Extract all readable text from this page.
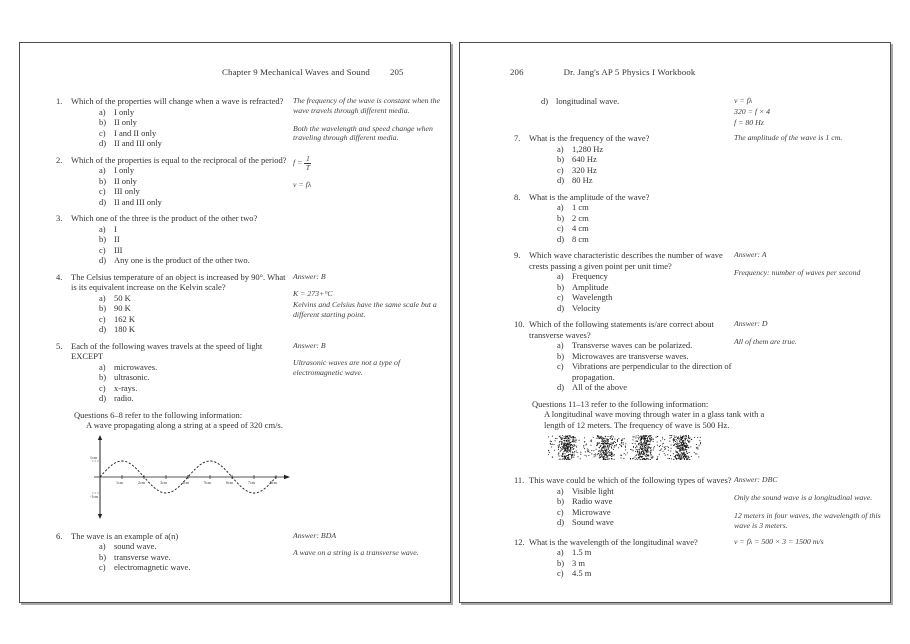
Chapter 9 Mechanical Waves and Sound 205
1.	Which of the properties will change when a wave is refracted?
a) I only
b) II only
c) I and II only
d) II and III only
The frequency of the wave is constant when the wave travels through different media.
Both the wavelength and speed change when traveling through different media.
2.	Which of the properties is equal to the reciprocal of the period?
a) I only
b) II only
c) III only
d) II and III only
$f = \frac{1}{T}$
v = fλ
3.	Which one of the three is the product of the other two?
a) I
b) II
c) III
d) Any one is the product of the other two.
4.	The Celsius temperature of an object is increased by 90°. What is its equivalent increase on the Kelvin scale?
a) 50 K
b) 90 K
c) 162 K
d) 180 K
Answer: B
K = 273+°C
Kelvins and Celsius have the same scale but a different starting point.
5.	Each of the following waves travels at the speed of light EXCEPT
a) microwaves.
b) ultrasonic.
c) x-rays.
d) radio.
Answer: B
Ultrasonic waves are not a type of electromagnetic wave.
Questions 6–8 refer to the following information:
A wave propagating along a string at a speed of 320 cm/s.
1cm	2cm	3cm	4cm	5cm	6cm	7cm	8cm
1cm
-1cm
6.	The wave is an example of a(n)
a) sound wave.
b) transverse wave.
c) electromagnetic wave.
Answer: BDA
A wave on a string is a transverse wave.
206	Dr. Jang's AP 5 Physics I Workbook
d) longitudinal wave.	v = fλ
320 = f × 4
f = 80 Hz
7.	What is the frequency of the wave?
a) 1,280 Hz
b) 640 Hz
c) 320 Hz
d) 80 Hz
The amplitude of the wave is 1 cm.
8.	What is the amplitude of the wave?
a) 1 cm
b) 2 cm
c) 4 cm
d) 8 cm
9.	Which wave characteristic describes the number of wave crests passing a given point per unit time?
a) Frequency
b) Amplitude
c) Wavelength
d) Velocity
Answer: A
Frequency: number of waves per second
10. Which of the following statements is/are correct about transverse waves?
a) Transverse waves can be polarized.
b) Microwaves are transverse waves.
c) Vibrations are perpendicular to the direction of propagation.
d) All of the above
Answer: D
All of them are true.
Questions 11–13 refer to the following information:
A longitudinal wave moving through water in a glass tank with a length of 12 meters. The frequency of wave is 500 Hz.
11. This wave could be which of the following types of waves?
a) Visible light
b) Radio wave
c) Microwave
d) Sound wave
Answer: DBC
Only the sound wave is a longitudinal wave.
12 meters in four waves, the wavelength of this wave is 3 meters.
12. What is the wavelength of the longitudinal wave?
a) 1.5 m
b) 3 m
c) 4.5 m
v = fλ = 500 × 3 = 1500 m/s
